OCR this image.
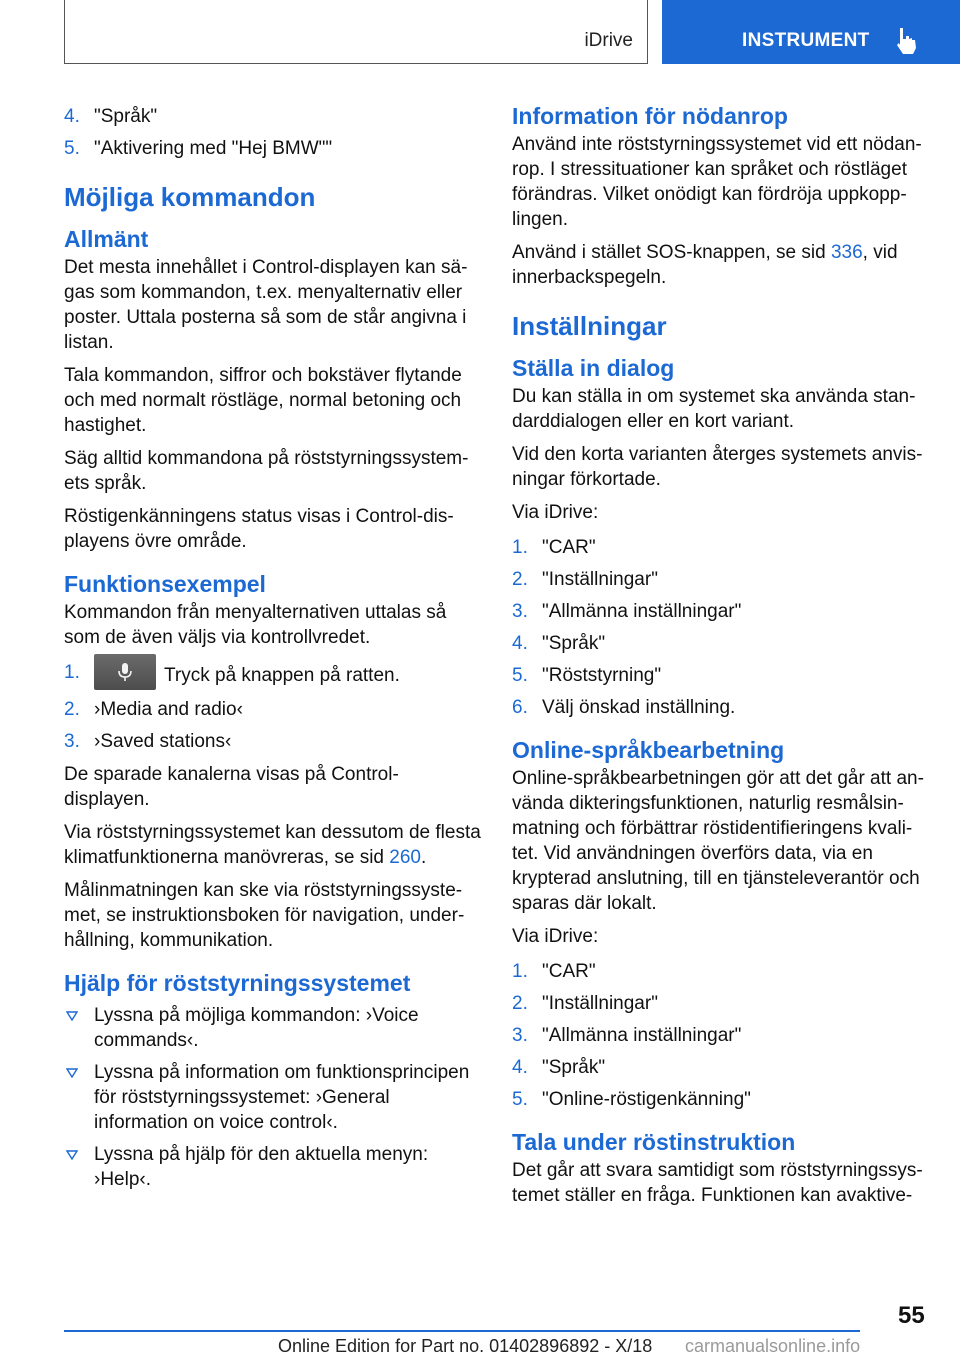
iDrive	INSTRUMENT
4. "Språk"
5. "Aktivering med "Hej BMW""
Möjliga kommandon
Allmänt

Det mesta innehållet i Control-displayen kan sä-gas som kommandon, t.ex. menyalternativ eller poster. Uttala posterna så som de står angivna i listan.

Tala kommandon, siffror och bokstäver flytande och med normalt röstläge, normal betoning och hastighet.

Säg alltid kommandona på röststyrningssystem-ets språk.

Röstigenkänningens status visas i Control-dis-playens övre område.

Funktionsexempel

Kommandon från menyalternativen uttalas så som de även väljs via kontrollvredet.

1.	Tryck på knappen på ratten.
2. ›Media and radio‹
3. ›Saved stations‹

De sparade kanalerna visas på Control-displayen.

Via röststyrningssystemet kan dessutom de flesta klimatfunktionerna manövreras, se sid 260.

Målinmatningen kan ske via röststyrningssyste-met, se instruktionsboken för navigation, under-hållning, kommunikation.

Hjälp för röststyrningssystemet
Lyssna på möjliga kommandon: ›Voice commands‹.
Lyssna på information om funktionsprincipen för röststyrningssystemet: ›General information on voice control‹.
Lyssna på hjälp för den aktuella menyn: ›Help‹.
Information för nödanrop

Använd inte röststyrningssystemet vid ett nödan-rop. I stressituationer kan språket och röstläget förändras. Vilket onödigt kan fördröja uppkopp-lingen.

Använd i stället SOS-knappen, se sid 336, vid innerbackspegeln.

Inställningar
Ställa in dialog

Du kan ställa in om systemet ska använda stan-darddialogen eller en kort variant.

Vid den korta varianten återges systemets anvis-ningar förkortade.

Via iDrive:

1. "CAR"
2. "Inställningar"
3. "Allmänna inställningar"
4. "Språk"
5. "Röststyrning"
6. Välj önskad inställning.
Online-språkbearbetning

Online-språkbearbetningen gör att det går att an-vända dikteringsfunktionen, naturlig resmålsin-matning och förbättrar röstidentifieringens kvali-tet. Vid användningen överförs data, via en krypterad anslutning, till en tjänsteleverantör och sparas där lokalt.

Via iDrive:

1. "CAR"
2. "Inställningar"
3. "Allmänna inställningar"
4. "Språk"
5. "Online-röstigenkänning"
Tala under röstinstruktion

Det går att svara samtidigt som röststyrningssys-temet ställer en fråga. Funktionen kan avaktive-

55
Online Edition for Part no. 01402896892 - X/18 carmanualsonline.info
